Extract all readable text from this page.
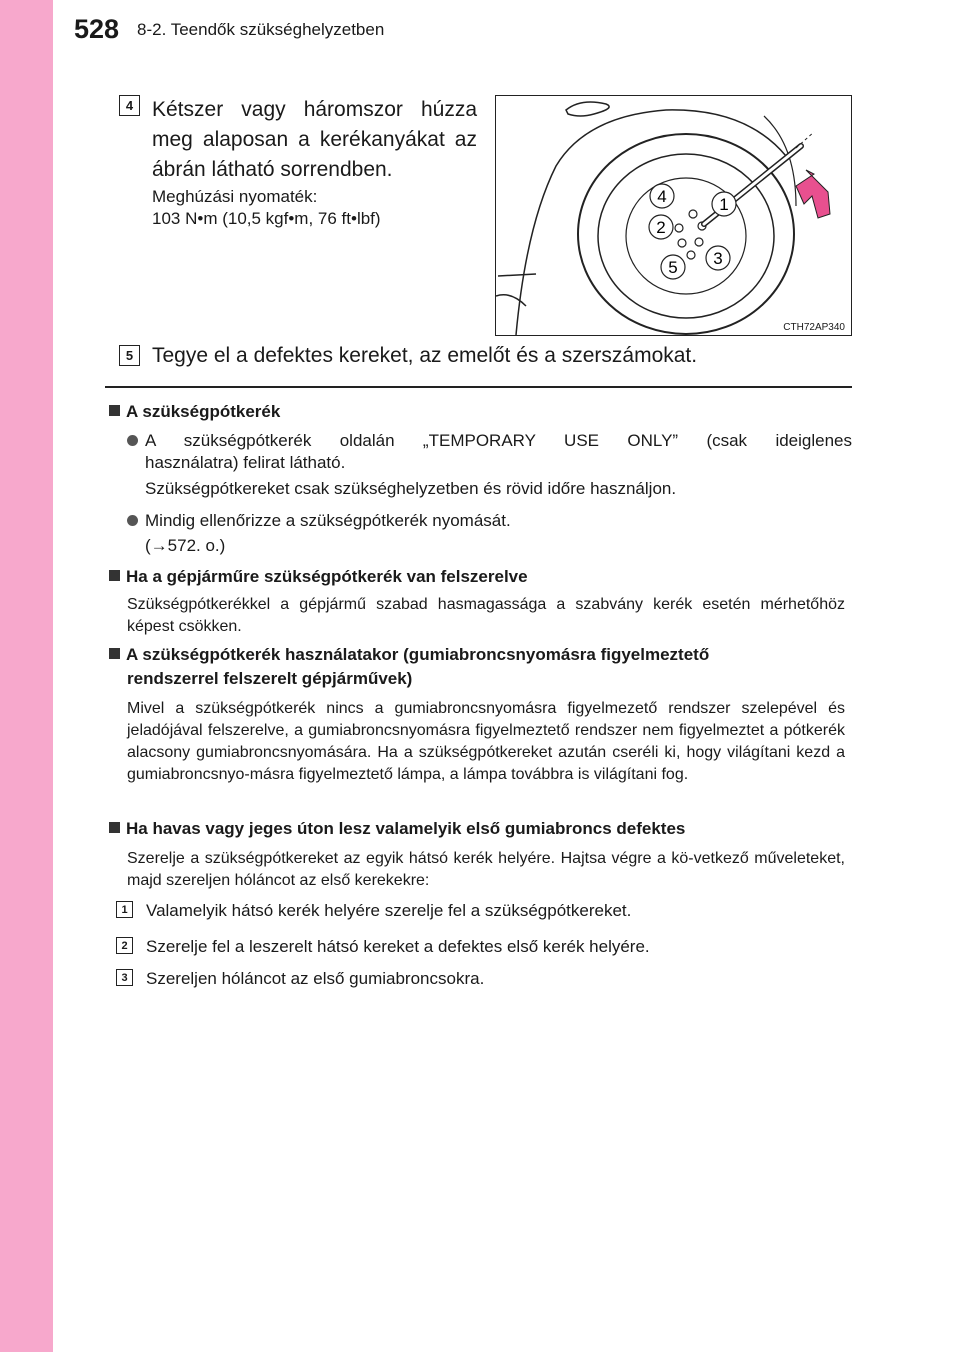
528 8-2. Teendők szükséghelyzetben
4 Kétszer vagy háromszor húzza meg alaposan a kerékanyákat az ábrán látható sorrendben.
Meghúzási nyomaték:
103 N•m (10,5 kgf•m, 76 ft•lbf)
4	1
2
3
5
CTH72AP340
5 Tegye el a defektes kereket, az emelőt és a szerszámokat.
A szükségpótkerék
A szükségpótkerék oldalán „TEMPORARY USE ONLY” (csak ideiglenes
használatra) felirat látható.
Szükségpótkereket csak szükséghelyzetben és rövid időre használjon.
Mindig ellenőrizze a szükségpótkerék nyomását.
(→572. o.)
Ha a gépjárműre szükségpótkerék van felszerelve
Szükségpótkerékkel a gépjármű szabad hasmagassága a szabvány kerék esetén mérhetőhöz képest csökken.
A szükségpótkerék használatakor (gumiabroncsnyomásra figyelmeztető
rendszerrel felszerelt gépjárművek)
Mivel a szükségpótkerék nincs a gumiabroncsnyomásra figyelmezető rendszer szelepével és jeladójával felszerelve, a gumiabroncsnyomásra figyelmeztető rendszer nem figyelmeztet a pótkerék alacsony gumiabroncsnyomására. Ha a szükségpótkereket azután cseréli ki, hogy világítani kezd a gumiabroncsnyo-másra figyelmeztető lámpa, a lámpa továbbra is világítani fog.
Ha havas vagy jeges úton lesz valamelyik első gumiabroncs defektes
Szerelje a szükségpótkereket az egyik hátsó kerék helyére. Hajtsa végre a kö-vetkező műveleteket, majd szereljen hóláncot az első kerekekre:
1	Valamelyik hátsó kerék helyére szerelje fel a szükségpótkereket.
2	Szerelje fel a leszerelt hátsó kereket a defektes első kerék helyére.
3	Szereljen hóláncot az első gumiabroncsokra.
